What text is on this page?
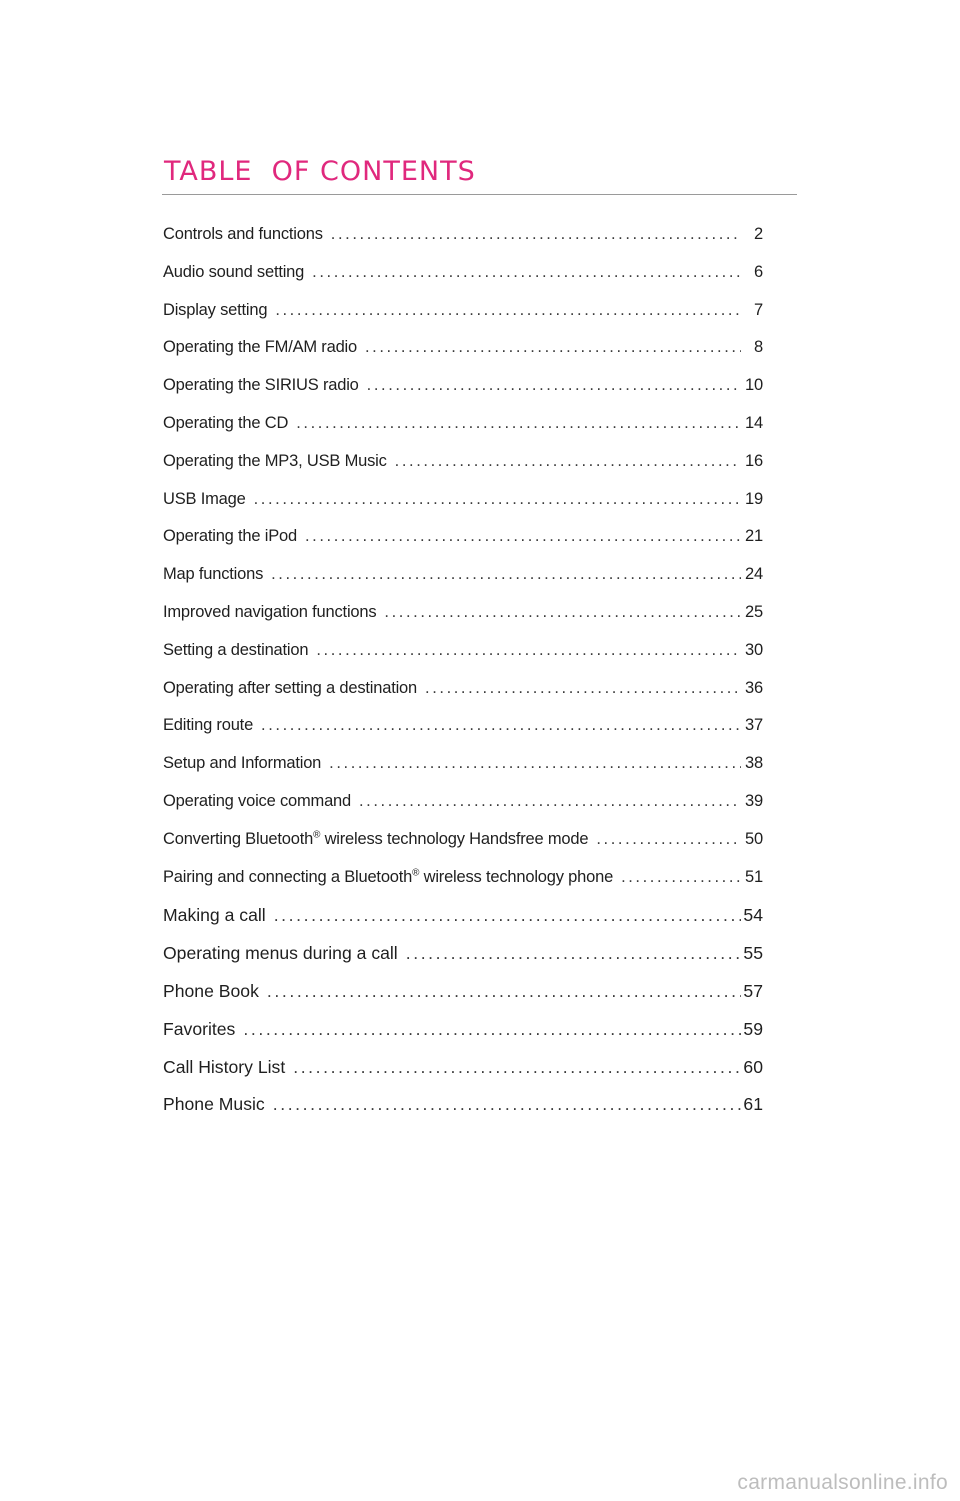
TABLE  OF CONTENTS
Controls and functions .....	2
Audio sound setting .....	6
Display setting .....	7
Operating the FM/AM radio .....	8
Operating the SIRIUS radio .....	10
Operating the CD .....	14
Operating the MP3, USB Music .....	16
USB Image .....	19
Operating the iPod .....	21
Map functions .....	24
Improved navigation functions .....	25
Setting a destination .....	30
Operating after setting a destination .....	36
Editing route .....	37
Setup and Information .....	38
Operating voice command .....	39
Converting Bluetooth® wireless technology Handsfree mode .....	50
Pairing and connecting a Bluetooth® wireless technology phone .....	51
Making a call .....	54
Operating menus during a call .....	55
Phone Book .....	57
Favorites .....	59
Call History List .....	60
Phone Music .....	61
carmanualsonline.info
